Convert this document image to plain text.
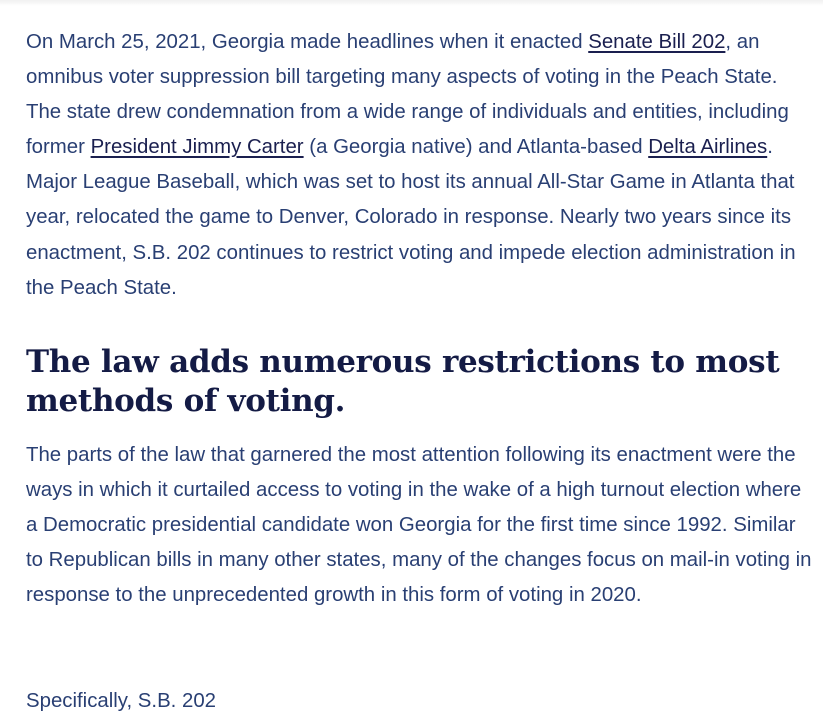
On March 25, 2021, Georgia made headlines when it enacted Senate Bill 202, an omnibus voter suppression bill targeting many aspects of voting in the Peach State. The state drew condemnation from a wide range of individuals and entities, including former President Jimmy Carter (a Georgia native) and Atlanta-based Delta Airlines. Major League Baseball, which was set to host its annual All-Star Game in Atlanta that year, relocated the game to Denver, Colorado in response. Nearly two years since its enactment, S.B. 202 continues to restrict voting and impede election administration in the Peach State.

The law adds numerous restrictions to most methods of voting.

The parts of the law that garnered the most attention following its enactment were the ways in which it curtailed access to voting in the wake of a high turnout election where a Democratic presidential candidate won Georgia for the first time since 1992. Similar to Republican bills in many other states, many of the changes focus on mail-in voting in response to the unprecedented growth in this form of voting in 2020.

Specifically, S.B. 202
